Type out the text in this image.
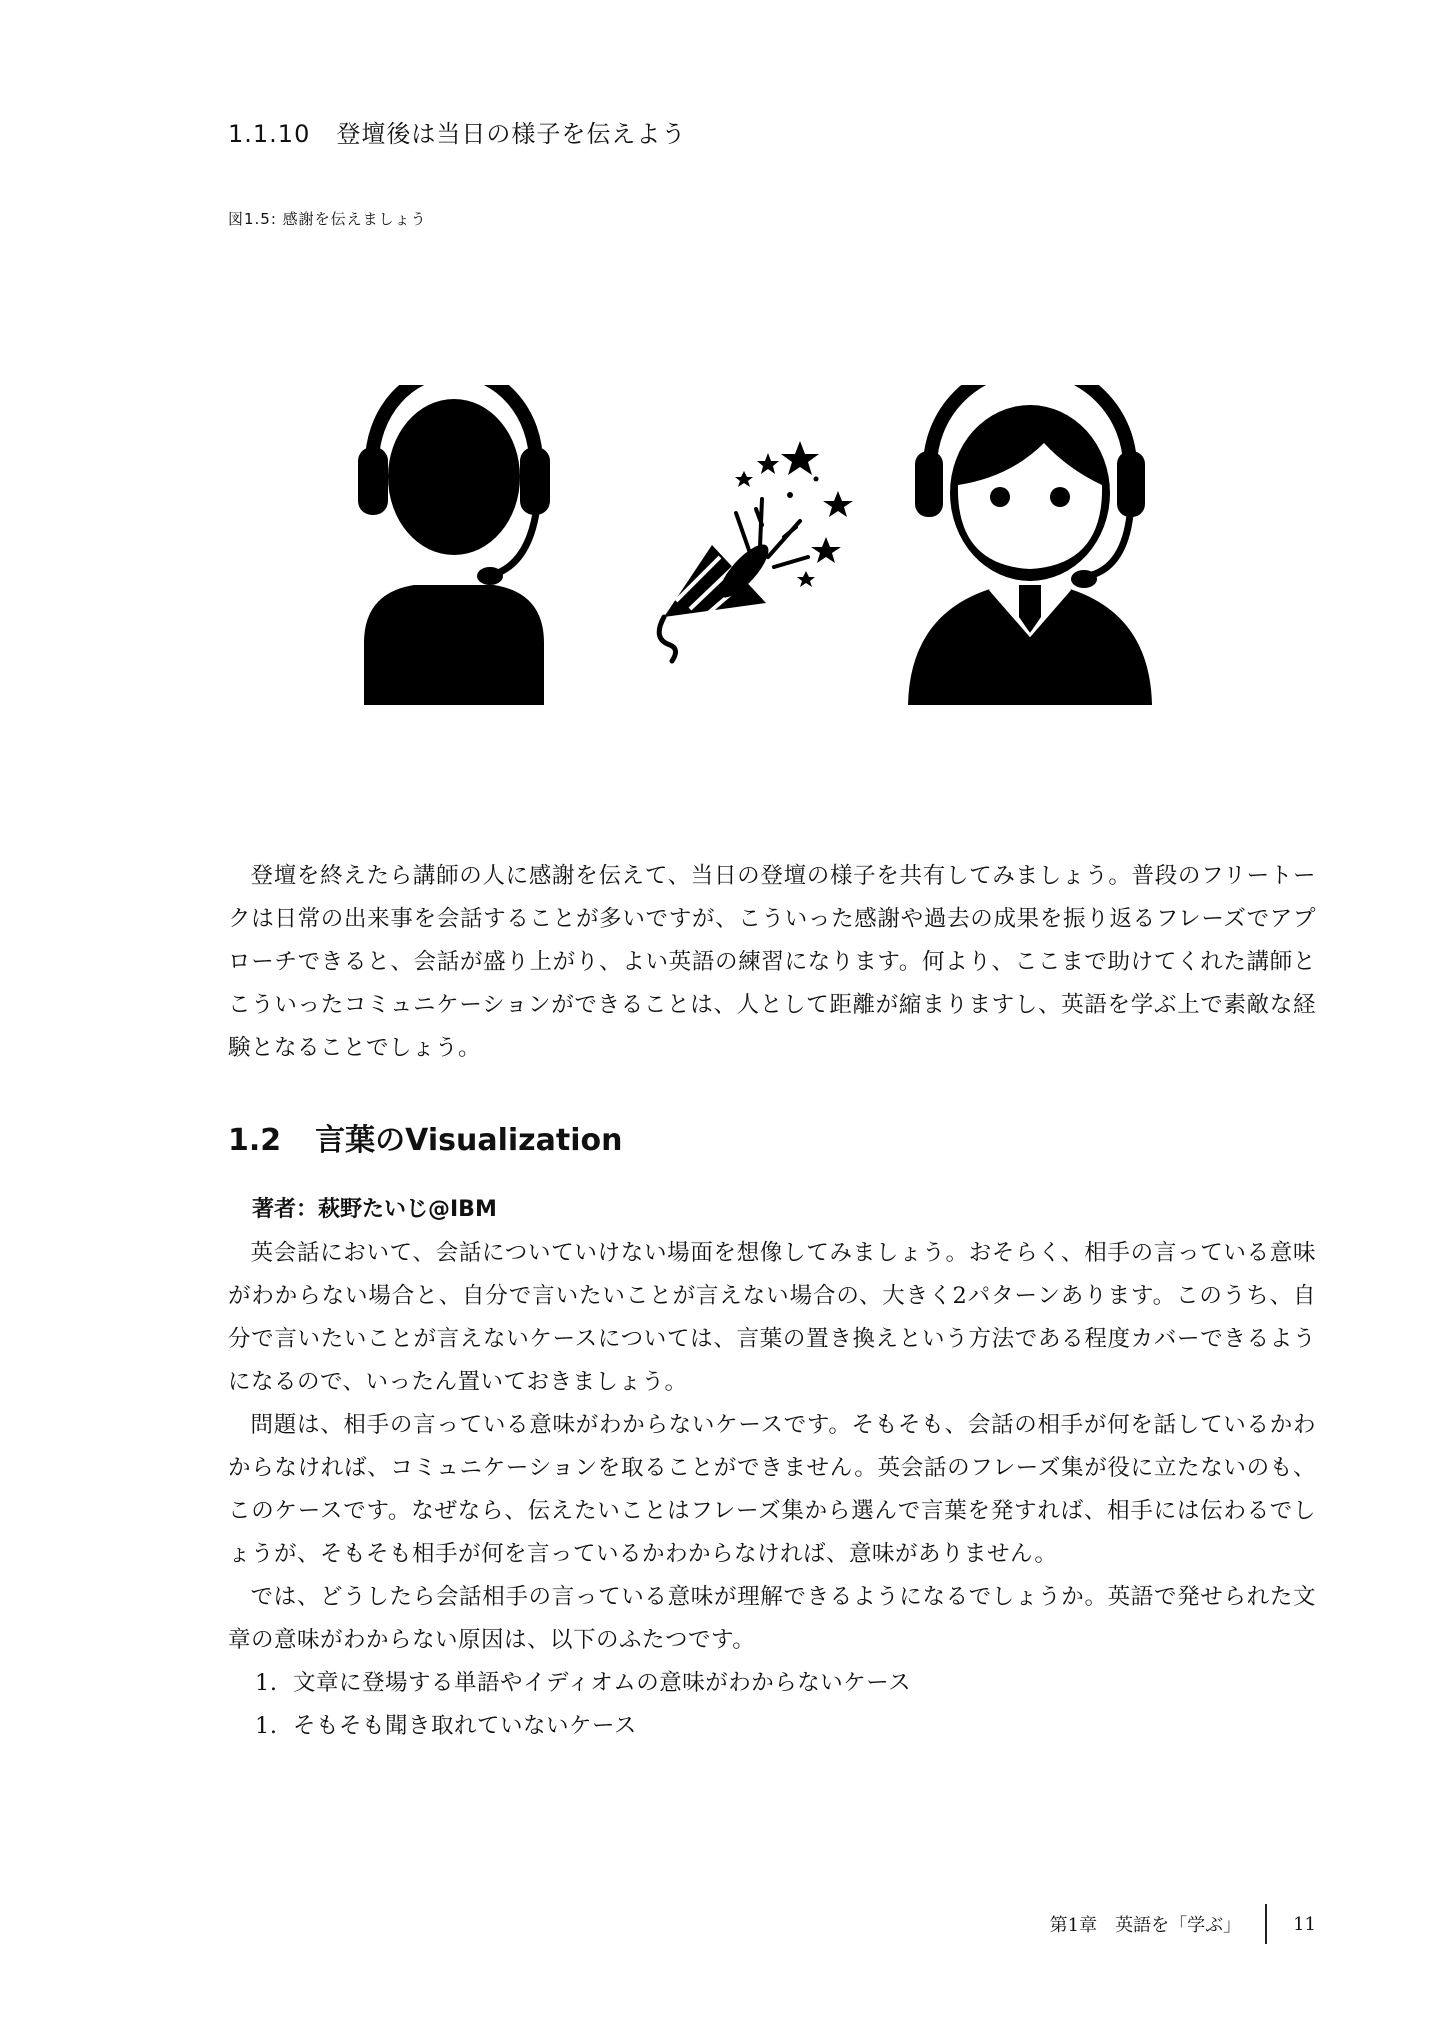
1.1.10 登壇後は当日の様子を伝えよう
図1.5: 感謝を伝えましょう

登壇を終えたら講師の人に感謝を伝えて、当日の登壇の様子を共有してみましょう。普段のフリートークは日常の出来事を会話することが多いですが、こういった感謝や過去の成果を振り返るフレーズでアプローチできると、会話が盛り上がり、よい英語の練習になります。何より、ここまで助けてくれた講師とこういったコミュニケーションができることは、人として距離が縮まりますし、英語を学ぶ上で素敵な経験となることでしょう。

1.2 言葉のVisualization
著者：萩野たいじ@IBM

英会話において、会話についていけない場面を想像してみましょう。おそらく、相手の言っている意味がわからない場合と、自分で言いたいことが言えない場合の、大きく2パターンあります。このうち、自分で言いたいことが言えないケースについては、言葉の置き換えという方法である程度カバーできるようになるので、いったん置いておきましょう。

問題は、相手の言っている意味がわからないケースです。そもそも、会話の相手が何を話しているかわからなければ、コミュニケーションを取ることができません。英会話のフレーズ集が役に立たないのも、このケースです。なぜなら、伝えたいことはフレーズ集から選んで言葉を発すれば、相手には伝わるでしょうが、そもそも相手が何を言っているかわからなければ、意味がありません。

では、どうしたら会話相手の言っている意味が理解できるようになるでしょうか。英語で発せられた文章の意味がわからない原因は、以下のふたつです。

1. 文章に登場する単語やイディオムの意味がわからないケース
1. そもそも聞き取れていないケース
第1章　英語を「学ぶ」	11
